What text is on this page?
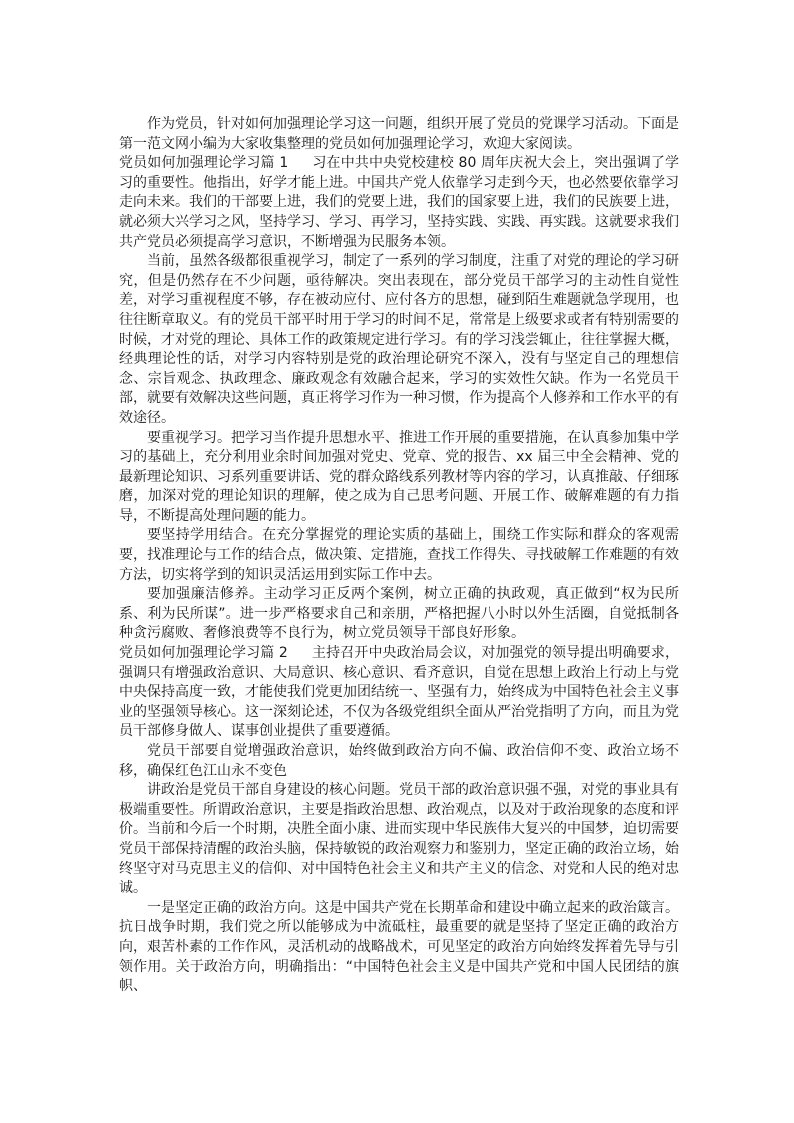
作为党员，针对如何加强理论学习这一问题，组织开展了党员的党课学习活动。下面是第一范文网小编为大家收集整理的党员如何加强理论学习，欢迎大家阅读。

党员如何加强理论学习篇 1 习在中共中央党校建校 80 周年庆祝大会上，突出强调了学习的重要性。他指出，好学才能上进。中国共产党人依靠学习走到今天，也必然要依靠学习走向未来。我们的干部要上进，我们的党要上进，我们的国家要上进，我们的民族要上进，就必须大兴学习之风，坚持学习、学习、再学习，坚持实践、实践、再实践。这就要求我们共产党员必须提高学习意识，不断增强为民服务本领。

当前，虽然各级都很重视学习，制定了一系列的学习制度，注重了对党的理论的学习研究，但是仍然存在不少问题，亟待解决。突出表现在，部分党员干部学习的主动性自觉性差，对学习重视程度不够，存在被动应付、应付各方的思想，碰到陌生难题就急学现用，也往往断章取义。有的党员干部平时用于学习的时间不足，常常是上级要求或者有特别需要的时候，才对党的理论、具体工作的政策规定进行学习。有的学习浅尝辄止，往往掌握大概，经典理论性的话，对学习内容特别是党的政治理论研究不深入，没有与坚定自己的理想信念、宗旨观念、执政理念、廉政观念有效融合起来，学习的实效性欠缺。作为一名党员干部，就要有效解决这些问题，真正将学习作为一种习惯，作为提高个人修养和工作水平的有效途径。

要重视学习。把学习当作提升思想水平、推进工作开展的重要措施，在认真参加集中学习的基础上，充分利用业余时间加强对党史、党章、党的报告、xx 届三中全会精神、党的最新理论知识、习系列重要讲话、党的群众路线系列教材等内容的学习，认真推敲、仔细琢磨，加深对党的理论知识的理解，使之成为自己思考问题、开展工作、破解难题的有力指导，不断提高处理问题的能力。

要坚持学用结合。在充分掌握党的理论实质的基础上，围绕工作实际和群众的客观需要，找准理论与工作的结合点，做决策、定措施，查找工作得失、寻找破解工作难题的有效方法，切实将学到的知识灵活运用到实际工作中去。

要加强廉洁修养。主动学习正反两个案例，树立正确的执政观，真正做到“权为民所系、利为民所谋”。进一步严格要求自己和亲朋，严格把握八小时以外生活圈，自觉抵制各种贪污腐败、奢修浪费等不良行为，树立党员领导干部良好形象。

党员如何加强理论学习篇 2 主持召开中央政治局会议，对加强党的领导提出明确要求，强调只有增强政治意识、大局意识、核心意识、看齐意识，自觉在思想上政治上行动上与党中央保持高度一致，才能使我们党更加团结统一、坚强有力，始终成为中国特色社会主义事业的坚强领导核心。这一深刻论述，不仅为各级党组织全面从严治党指明了方向，而且为党员干部修身做人、谋事创业提供了重要遵循。

党员干部要自觉增强政治意识，始终做到政治方向不偏、政治信仰不变、政治立场不移，确保红色江山永不变色

讲政治是党员干部自身建设的核心问题。党员干部的政治意识强不强，对党的事业具有极端重要性。所谓政治意识，主要是指政治思想、政治观点，以及对于政治现象的态度和评价。当前和今后一个时期，决胜全面小康、进而实现中华民族伟大复兴的中国梦，迫切需要党员干部保持清醒的政治头脑，保持敏锐的政治观察力和鉴别力，坚定正确的政治立场，始终坚守对马克思主义的信仰、对中国特色社会主义和共产主义的信念、对党和人民的绝对忠诚。

一是坚定正确的政治方向。这是中国共产党在长期革命和建设中确立起来的政治箴言。抗日战争时期，我们党之所以能够成为中流砥柱，最重要的就是坚持了坚定正确的政治方向，艰苦朴素的工作作风，灵活机动的战略战术，可见坚定的政治方向始终发挥着先导与引领作用。关于政治方向，明确指出：“中国特色社会主义是中国共产党和中国人民团结的旗帜、
